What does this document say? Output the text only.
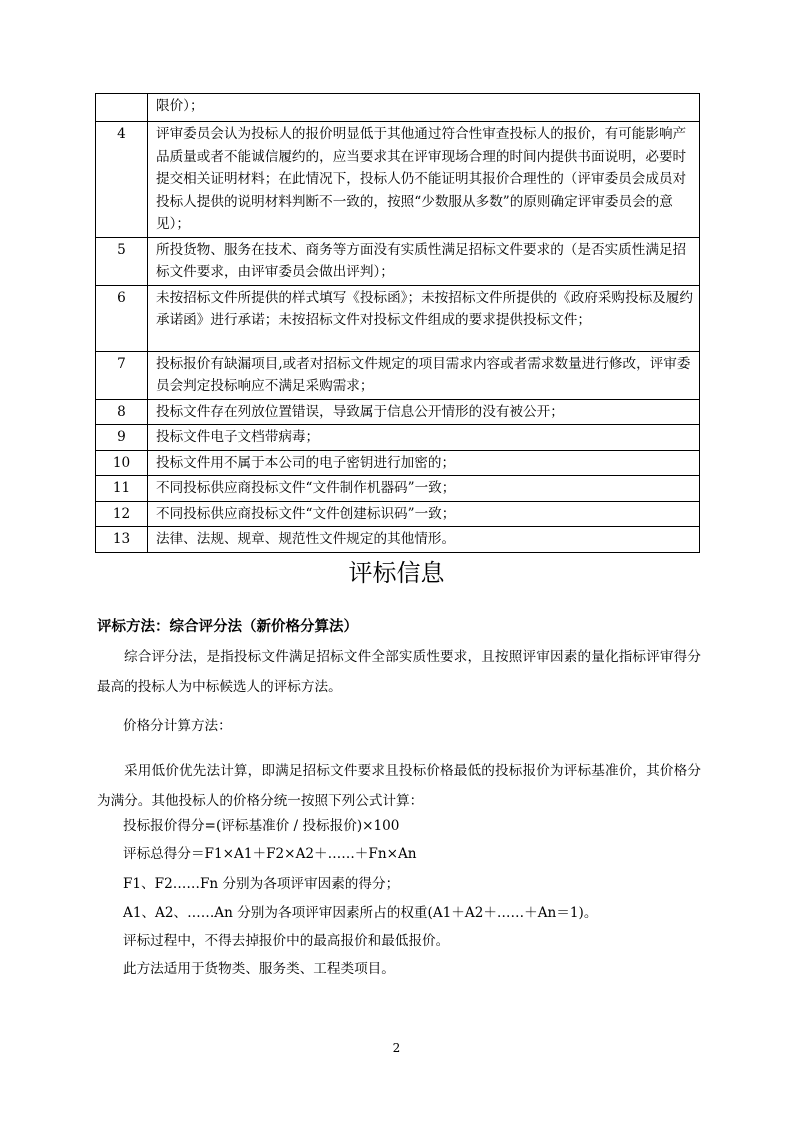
	限价）；
4	评审委员会认为投标人的报价明显低于其他通过符合性审查投标人的报价，有可能影响产品质量或者不能诚信履约的，应当要求其在评审现场合理的时间内提供书面说明，必要时提交相关证明材料；在此情况下，投标人仍不能证明其报价合理性的（评审委员会成员对投标人提供的说明材料判断不一致的，按照“少数服从多数”的原则确定评审委员会的意见）；
5	所投货物、服务在技术、商务等方面没有实质性满足招标文件要求的（是否实质性满足招标文件要求，由评审委员会做出评判）；
6	未按招标文件所提供的样式填写《投标函》；未按招标文件所提供的《政府采购投标及履约承诺函》进行承诺；未按招标文件对投标文件组成的要求提供投标文件；
7	投标报价有缺漏项目,或者对招标文件规定的项目需求内容或者需求数量进行修改，评审委员会判定投标响应不满足采购需求；
8	投标文件存在列放位置错误，导致属于信息公开情形的没有被公开；
9	投标文件电子文档带病毒；
10	投标文件用不属于本公司的电子密钥进行加密的；
11	不同投标供应商投标文件“文件制作机器码”一致；
12	不同投标供应商投标文件“文件创建标识码”一致；
13	法律、法规、规章、规范性文件规定的其他情形。
评标信息
评标方法：综合评分法（新价格分算法）
综合评分法，是指投标文件满足招标文件全部实质性要求，且按照评审因素的量化指标评审得分最高的投标人为中标候选人的评标方法。
价格分计算方法：
采用低价优先法计算，即满足招标文件要求且投标价格最低的投标报价为评标基准价，其价格分为满分。其他投标人的价格分统一按照下列公式计算：
投标报价得分=(评标基准价 / 投标报价)×100
评标总得分＝F1×A1＋F2×A2＋……＋Fn×An
F1、F2……Fn 分别为各项评审因素的得分；
A1、A2、……An 分别为各项评审因素所占的权重(A1＋A2＋……＋An＝1)。
评标过程中，不得去掉报价中的最高报价和最低报价。
此方法适用于货物类、服务类、工程类项目。
2
